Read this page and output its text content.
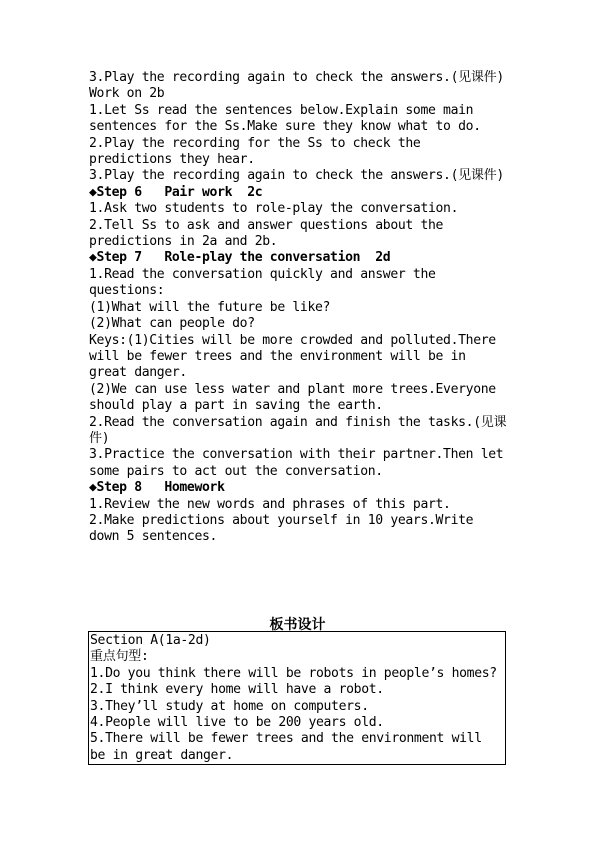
3.Play the recording again to check the answers.(见课件)
Work on 2b
1.Let Ss read the sentences below.Explain some main sentences for the Ss.Make sure they know what to do.
2.Play the recording for the Ss to check the predictions they hear.
3.Play the recording again to check the answers.(见课件)
◆Step 6   Pair work  2c
1.Ask two students to role-play the conversation.
2.Tell Ss to ask and answer questions about the predictions in 2a and 2b.
◆Step 7   Role-play the conversation  2d
1.Read the conversation quickly and answer the questions:
(1)What will the future be like?
(2)What can people do?
Keys:(1)Cities will be more crowded and polluted.There will be fewer trees and the environment will be in great danger.
(2)We can use less water and plant more trees.Everyone should play a part in saving the earth.
2.Read the conversation again and finish the tasks.(见课件)
3.Practice the conversation with their partner.Then let some pairs to act out the conversation.
◆Step 8   Homework
1.Review the new words and phrases of this part.
2.Make predictions about yourself in 10 years.Write down 5 sentences.
板书设计
Section A(1a-2d)
重点句型:
1.Do you think there will be robots in people’s homes?
2.I think every home will have a robot.
3.They’ll study at home on computers.
4.People will live to be 200 years old.
5.There will be fewer trees and the environment will be in great danger.
